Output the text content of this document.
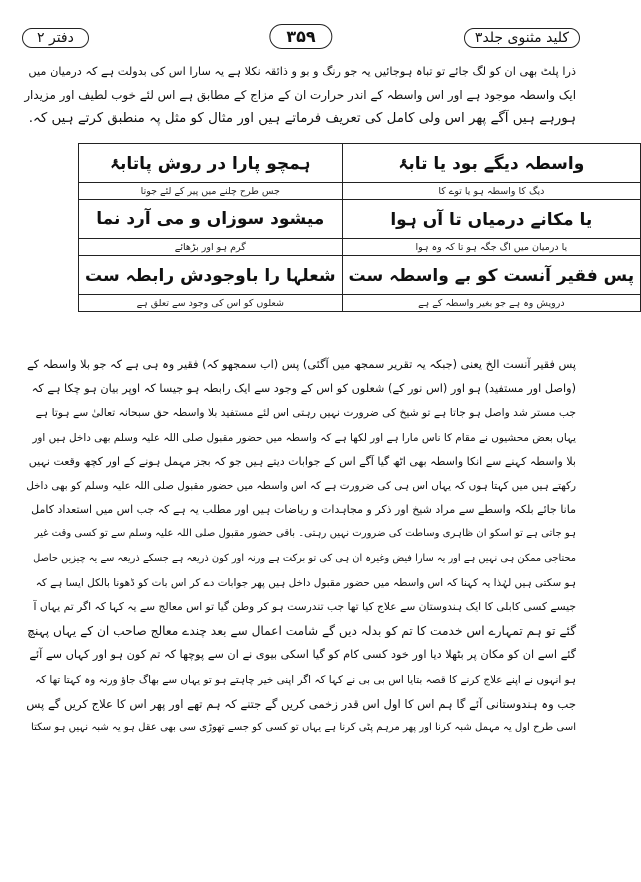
کلید مثنوی جلد۳
۳۵۹
دفتر ۲
ذرا پلٹ بھی ان کو لگ جائے تو تباہ ہوجائیں یہ جو رنگ و بو و ذائقہ نکلا ہے یہ سارا اس کی بدولت ہے کہ درمیان میں
ایک واسطہ موجود ہے اور اس واسطہ کے اندر حرارت ان کے مزاج کے مطابق ہے اس لئے خوب لطیف اور مزیدار
ہورہے ہیں آگے پھر اس ولی کامل کی تعریف فرماتے ہیں اور مثال کو مثل پہ منطبق کرتے ہیں کہ.
واسطہ دیگے بود یا تابۂ	ہمچو پارا در روش پاتابۂ
دیگ کا واسطہ ہو یا توے کا	جس طرح چلنے میں پیر کے لئے جوتا
یا مکانے درمیاں تا آں ہوا	میشود سوزاں و می آرد نما
یا درمیان میں اگ جگہ ہو تا کہ وہ ہوا	گرم ہو اور بڑھائے
پس فقیر آنست کو بے واسطہ ست	شعلہا را باوجودش رابطہ ست
درویش وہ ہے جو بغیر واسطہ کے ہے	شعلوں کو اس کی وجود سے تعلق ہے
پس فقیر آنست الخ یعنی (جبکہ یہ تقریر سمجھ میں آگئی) پس (اب سمجھو کہ) فقیر وہ ہی ہے کہ جو بلا واسطہ کے
(واصل اور مستفید) ہو اور (اس نور کے) شعلوں کو اس کے وجود سے ایک رابطہ ہو جیسا کہ اوپر بیان ہو چکا ہے کہ
جب مستر شد واصل ہو جاتا ہے تو شیخ کی ضرورت نہیں رہتی اس لئے مستفید بلا واسطہ حق سبحانہ تعالیٰ سے ہوتا ہے
یہاں بعض محشیوں نے مقام کا ناس مارا ہے اور لکھا ہے کہ واسطہ میں حضور مقبول صلی اللہ علیہ وسلم بھی داخل ہیں اور
بلا واسطہ کہنے سے انکا واسطہ بھی اٹھ گیا آگے اس کے جوابات دیتے ہیں جو کہ بجز مہمل ہونے کے اور کچھ وقعت نہیں
رکھتے ہیں میں کہتا ہوں کہ یہاں اس ہی کی ضرورت ہے کہ اس واسطہ میں حضور مقبول صلی اللہ علیہ وسلم کو بھی داخل
مانا جائے بلکہ واسطے سے مراد شیخ اور ذکر و مجاہدات و ریاضات ہیں اور مطلب یہ ہے کہ جب اس میں استعداد کامل
ہو جاتی ہے تو اسکو ان ظاہری وساطت کی ضرورت نہیں رہتی۔ باقی حضور مقبول صلی اللہ علیہ وسلم سے تو کسی وقت غیر
محتاجی ممکن ہی نہیں ہے اور یہ سارا فیض وغیرہ ان ہی کی تو برکت ہے ورنہ اور کون ذریعہ ہے جسکے ذریعہ سے یہ چیزیں حاصل
ہو سکتی ہیں لہٰذا یہ کہنا کہ اس واسطہ میں حضور مقبول داخل ہیں پھر جوابات دے کر اس بات کو ڈھونا بالکل ایسا ہے کہ
جیسے کسی کابلی کا ایک ہندوستان سے علاج کیا تھا جب تندرست ہو کر وطن گیا تو اس معالج سے یہ کہا کہ اگر تم یہاں آ
گئے تو ہم تمہارے اس خدمت کا تم کو بدلہ دیں گے شامت اعمال سے بعد چندے معالج صاحب ان کے یہاں پہنچ
گئے اسے ان کو مکان پر بٹھلا دیا اور خود کسی کام کو گیا اسکی بیوی نے ان سے پوچھا کہ تم کون ہو اور کہاں سے آئے
ہو انہوں نے اپنے علاج کرنے کا قصہ بتایا اس بی بی نے کہا کہ اگر اپنی خیر چاہتے ہو تو یہاں سے بھاگ جاؤ ورنہ وہ کہتا تھا کہ
جب وہ ہندوستانی آئے گا ہم اس کا اول اس قدر زخمی کریں گے جتنے کہ ہم تھے اور پھر اس کا علاج کریں گے پس
اسی طرح اول یہ مہمل شبہ کرنا اور پھر مرہم پٹی کرنا ہے یہاں تو کسی کو جسے تھوڑی سی بھی عقل ہو یہ شبہ نہیں ہو سکتا
